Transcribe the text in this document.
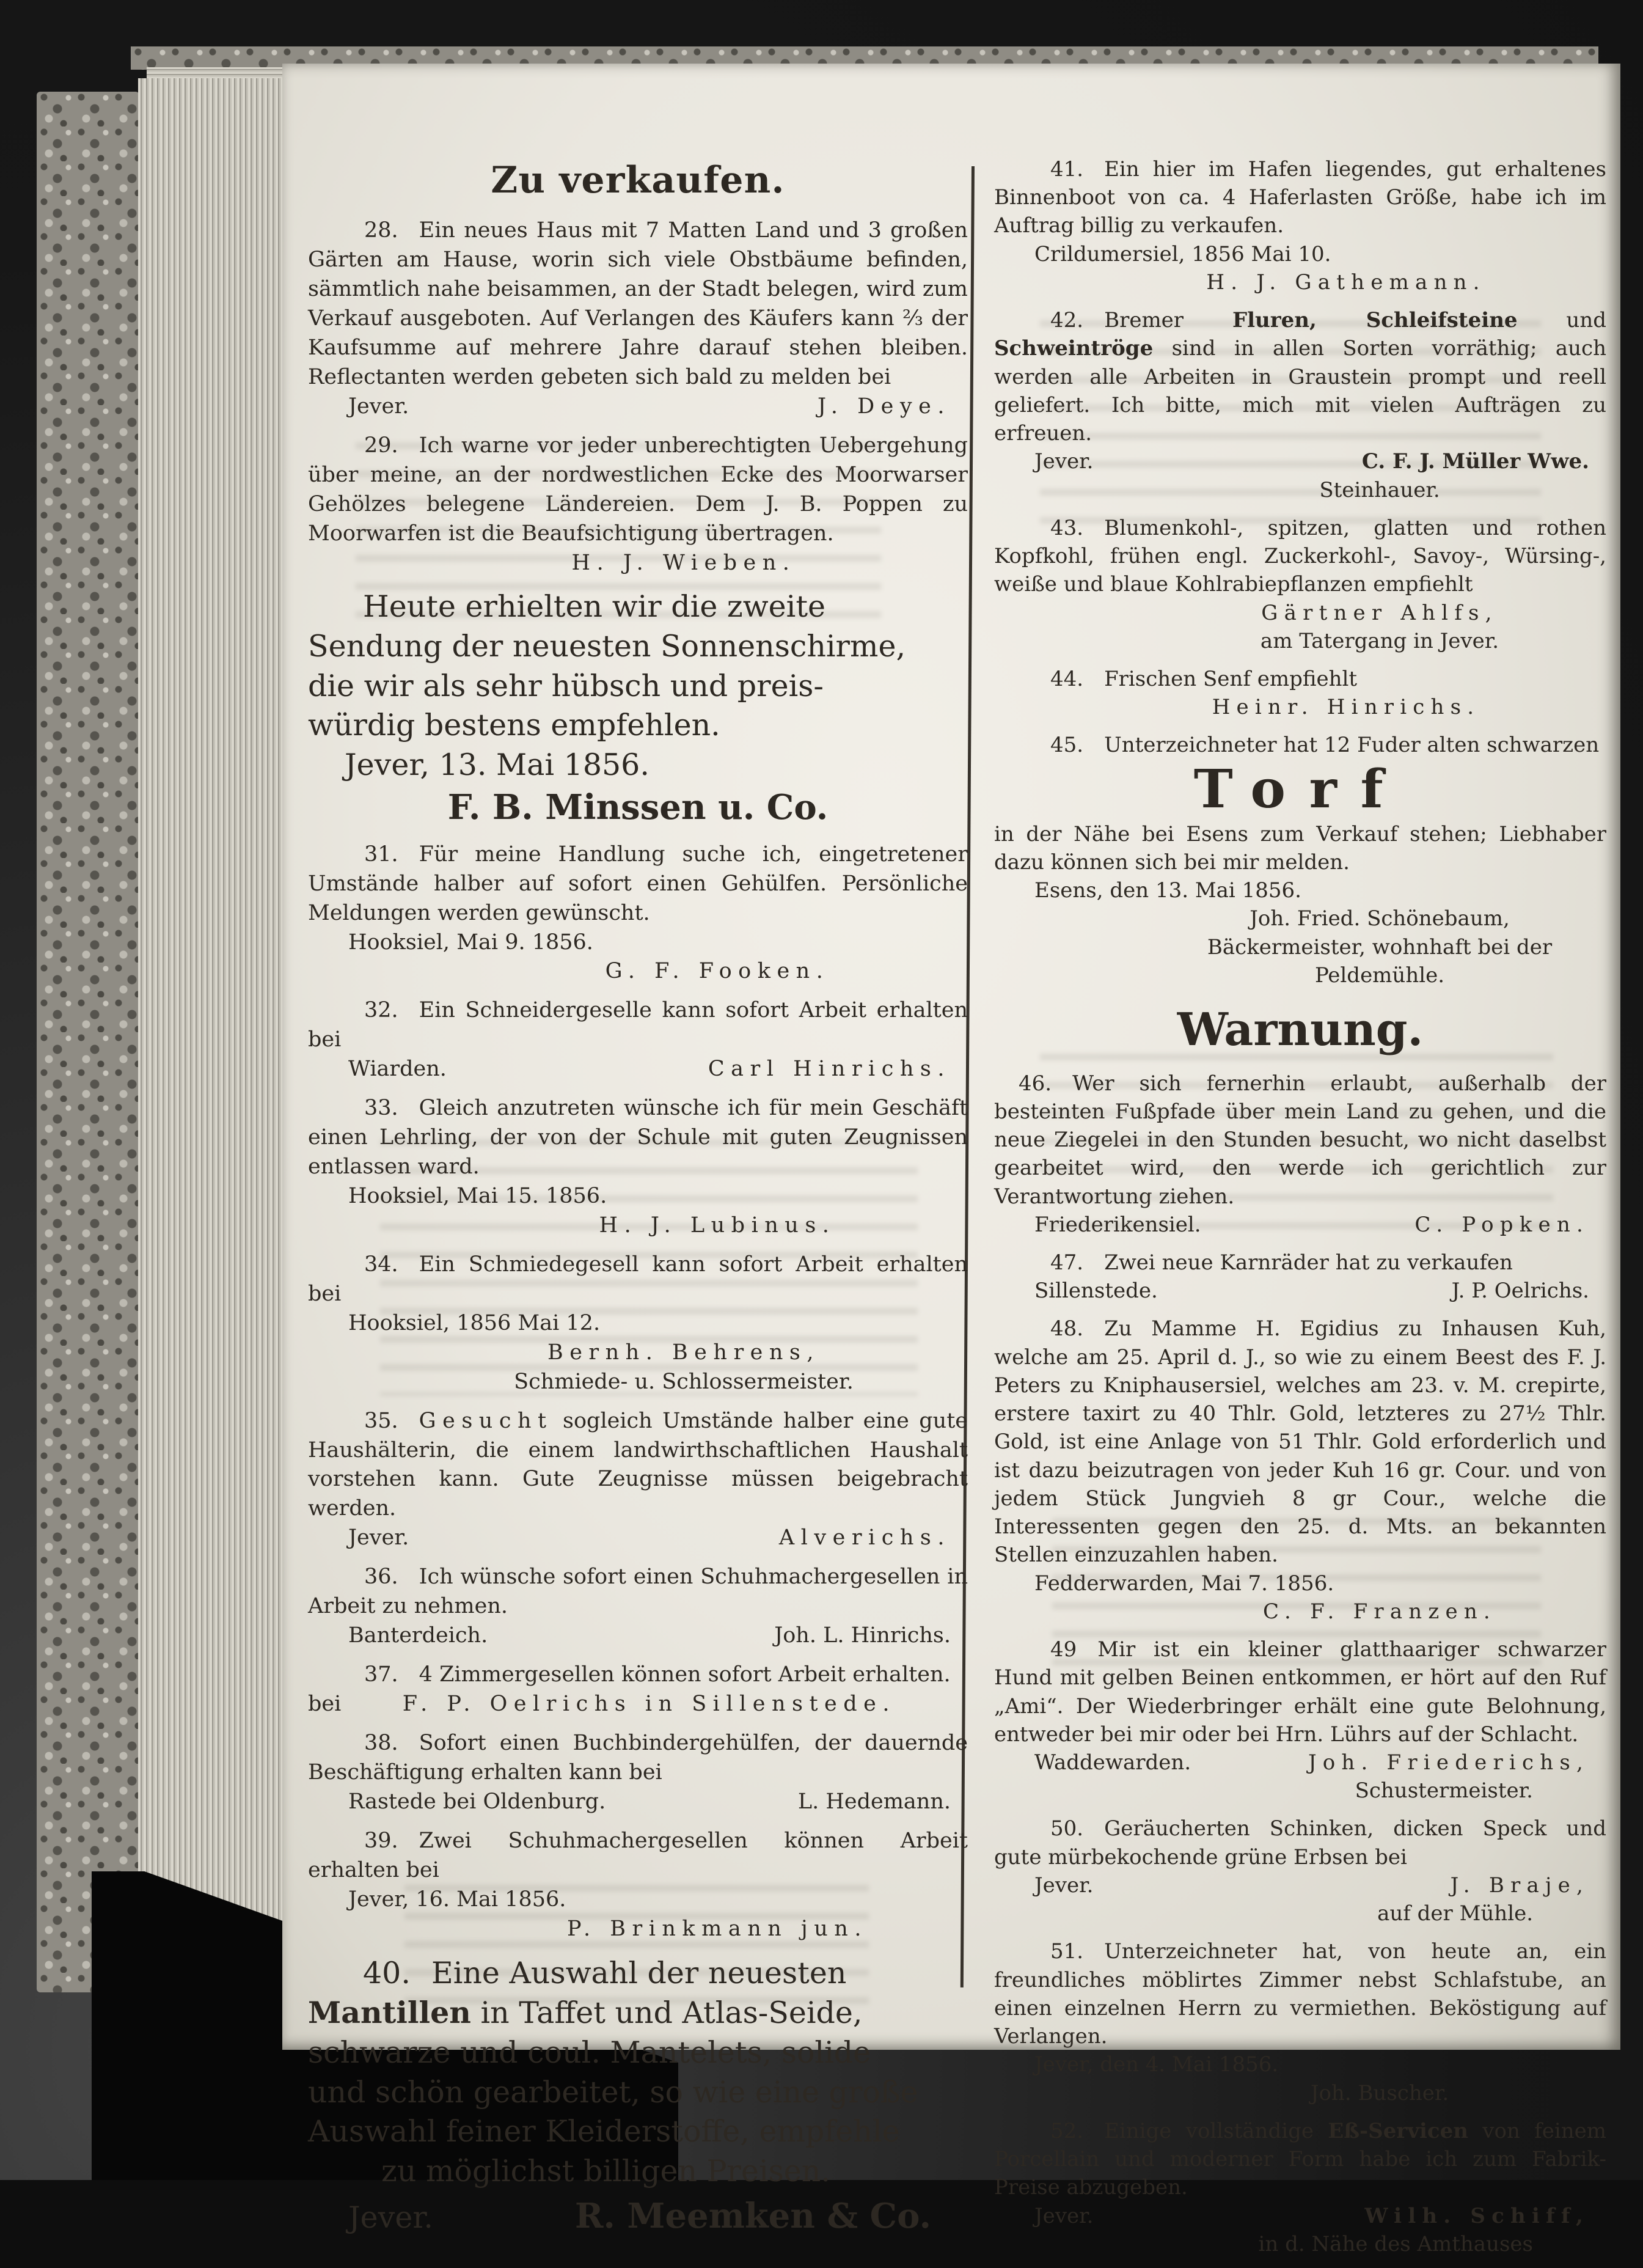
Zu verkaufen.

28. Ein neues Haus mit 7 Matten Land und 3 großen Gärten am Hause, worin sich viele Obstbäume befinden, sämmtlich nahe beisammen, an der Stadt belegen, wird zum Verkauf ausgeboten. Auf Verlangen des Käufers kann ⅔ der Kaufsumme auf mehrere Jahre darauf stehen bleiben. Reflectanten werden gebeten sich bald zu melden bei

Jever.	J. Deye.

29. Ich warne vor jeder unberechtigten Uebergehung über meine, an der nordwestlichen Ecke des Moorwarser Gehölzes belegene Ländereien. Dem J. B. Poppen zu Moorwarfen ist die Beaufsichtigung übertragen.

H. J. Wieben.

Heute erhielten wir die zweite

Sendung der neuesten Sonnenschirme,

die wir als sehr hübsch und preis-

würdig bestens empfehlen.

Jever, 13. Mai 1856.

F. B. Minssen u. Co.

31. Für meine Handlung suche ich, eingetretener Umstände halber auf sofort einen Gehülfen. Persönliche Meldungen werden gewünscht.

Hooksiel, Mai 9. 1856.

G. F. Fooken.

32. Ein Schneidergeselle kann sofort Arbeit erhalten bei

Wiarden.	Carl Hinrichs.

33. Gleich anzutreten wünsche ich für mein Geschäft einen Lehrling, der von der Schule mit guten Zeugnissen entlassen ward.

Hooksiel, Mai 15. 1856.

H. J. Lubinus.

34. Ein Schmiedegesell kann sofort Arbeit erhalten bei

Hooksiel, 1856 Mai 12.

Bernh. Behrens,

Schmiede- u. Schlossermeister.

35. Gesucht sogleich Umstände halber eine gute Haushälterin, die einem landwirthschaftlichen Haushalt vorstehen kann. Gute Zeugnisse müssen beigebracht werden.

Jever.	Alverichs.

36. Ich wünsche sofort einen Schuhmachergesellen in Arbeit zu nehmen.

Banterdeich.	Joh. L. Hinrichs.

37. 4 Zimmergesellen können sofort Arbeit erhalten.

bei	F. P. Oelrichs in Sillenstede.

38. Sofort einen Buchbindergehülfen, der dauernde Beschäftigung erhalten kann bei

Rastede bei Oldenburg.	L. Hedemann.

39. Zwei Schuhmachergesellen können Arbeit erhalten bei

Jever, 16. Mai 1856.

P. Brinkmann jun.

40. Eine Auswahl der neuesten

Mantillen in Taffet und Atlas-Seide,

schwarze und coul. Mantelets, solide

und schön gearbeitet, so wie eine große

Auswahl feiner Kleiderstoffe, empfehle

zu möglichst billigen Preisen.

Jever.	R. Meemken & Co.

41. Ein hier im Hafen liegendes, gut erhaltenes Binnenboot von ca. 4 Haferlasten Größe, habe ich im Auftrag billig zu verkaufen.

Crildumersiel, 1856 Mai 10.

H. J. Gathemann.

42. Bremer Fluren, Schleifsteine und Schweintröge sind in allen Sorten vorräthig; auch werden alle Arbeiten in Graustein prompt und reell geliefert. Ich bitte, mich mit vielen Aufträgen zu erfreuen.

Jever.	C. F. J. Müller Wwe.

Steinhauer.

43. Blumenkohl-, spitzen, glatten und rothen Kopfkohl, frühen engl. Zuckerkohl-, Savoy-, Würsing-, weiße und blaue Kohlrabiepflanzen empfiehlt

Gärtner Ahlfs,

am Tatergang in Jever.

44. Frischen Senf empfiehlt

Heinr. Hinrichs.

45. Unterzeichneter hat 12 Fuder alten schwarzen

Torf

in der Nähe bei Esens zum Verkauf stehen; Liebhaber dazu können sich bei mir melden.

Esens, den 13. Mai 1856.

Joh. Fried. Schönebaum,

Bäckermeister, wohnhaft bei der Peldemühle.

Warnung.

46. Wer sich fernerhin erlaubt, außerhalb der besteinten Fußpfade über mein Land zu gehen, und die neue Ziegelei in den Stunden besucht, wo nicht daselbst gearbeitet wird, den werde ich gerichtlich zur Verantwortung ziehen.

Friederikensiel.	C. Popken.

47. Zwei neue Karnräder hat zu verkaufen

Sillenstede.	J. P. Oelrichs.

48. Zu Mamme H. Egidius zu Inhausen Kuh, welche am 25. April d. J., so wie zu einem Beest des F. J. Peters zu Kniphausersiel, welches am 23. v. M. crepirte, erstere taxirt zu 40 Thlr. Gold, letzteres zu 27½ Thlr. Gold, ist eine Anlage von 51 Thlr. Gold erforderlich und ist dazu beizutragen von jeder Kuh 16 gr. Cour. und von jedem Stück Jungvieh 8 gr Cour., welche die Interessenten gegen den 25. d. Mts. an bekannten Stellen einzuzahlen haben.

Fedderwarden, Mai 7. 1856.

C. F. Franzen.

49 Mir ist ein kleiner glatthaariger schwarzer Hund mit gelben Beinen entkommen, er hört auf den Ruf „Ami“. Der Wiederbringer erhält eine gute Belohnung, entweder bei mir oder bei Hrn. Lührs auf der Schlacht.

Waddewarden.	Joh. Friederichs,

Schustermeister.

50. Geräucherten Schinken, dicken Speck und gute mürbekochende grüne Erbsen bei

Jever.	J. Braje,

auf der Mühle.

51. Unterzeichneter hat, von heute an, ein freundliches möblirtes Zimmer nebst Schlafstube, an einen einzelnen Herrn zu vermiethen. Beköstigung auf Verlangen.

Jever, den 4. Mai 1856.

Joh. Buscher.

52. Einige vollständige Eß-Servicen von feinem Porcellain und moderner Form habe ich zum Fabrik-Preise abzugeben.

Jever.	Wilh. Schiff,

in d. Nähe des Amthauses
